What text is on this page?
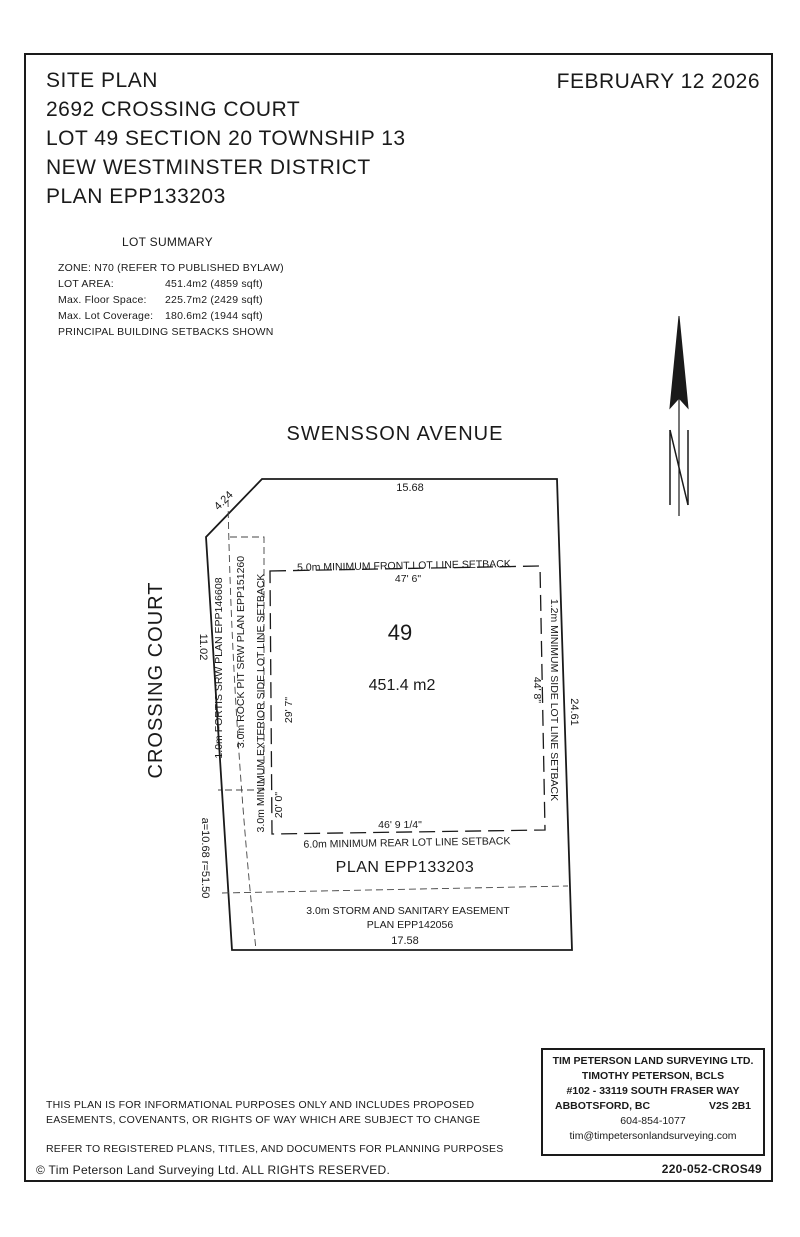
SITE PLAN
2692 CROSSING COURT
LOT 49 SECTION 20 TOWNSHIP 13
NEW WESTMINSTER DISTRICT
PLAN EPP133203
FEBRUARY 12 2026
LOT SUMMARY
ZONE: N70 (REFER TO PUBLISHED BYLAW)
LOT AREA:	451.4m2 (4859 sqft)
Max. Floor Space:	225.7m2 (2429 sqft)
Max. Lot Coverage:	180.6m2 (1944 sqft)
PRINCIPAL BUILDING SETBACKS SHOWN
SWENSSON AVENUE
CROSSING COURT
15.68
4.24
11.02
24.61
17.58
a=10.68 r=51.50
49
451.4 m2
PLAN EPP133203
5.0m MINIMUM FRONT LOT LINE SETBACK
47' 6"
1.2m MINIMUM SIDE LOT LINE SETBACK
44' 8"
6.0m MINIMUM REAR LOT LINE SETBACK
46' 9 1/4"
3.0m MINIMUM EXTERIOR SIDE LOT LINE SETBACK 29' 7"
20' 0"
1.0m FORTIS SRW PLAN EPP146608 3.0m ROCK PIT SRW PLAN EPP151260
3.0m STORM AND SANITARY EASEMENT
PLAN EPP142056
THIS PLAN IS FOR INFORMATIONAL PURPOSES ONLY AND INCLUDES PROPOSED
EASEMENTS, COVENANTS, OR RIGHTS OF WAY WHICH ARE SUBJECT TO CHANGE
REFER TO REGISTERED PLANS, TITLES, AND DOCUMENTS FOR PLANNING PURPOSES
© Tim Peterson Land Surveying Ltd. ALL RIGHTS RESERVED.
TIM PETERSON LAND SURVEYING LTD.
TIMOTHY PETERSON, BCLS
#102 - 33119 SOUTH FRASER WAY
ABBOTSFORD, BC	V2S 2B1
604-854-1077
tim@timpetersonlandsurveying.com
220-052-CROS49
